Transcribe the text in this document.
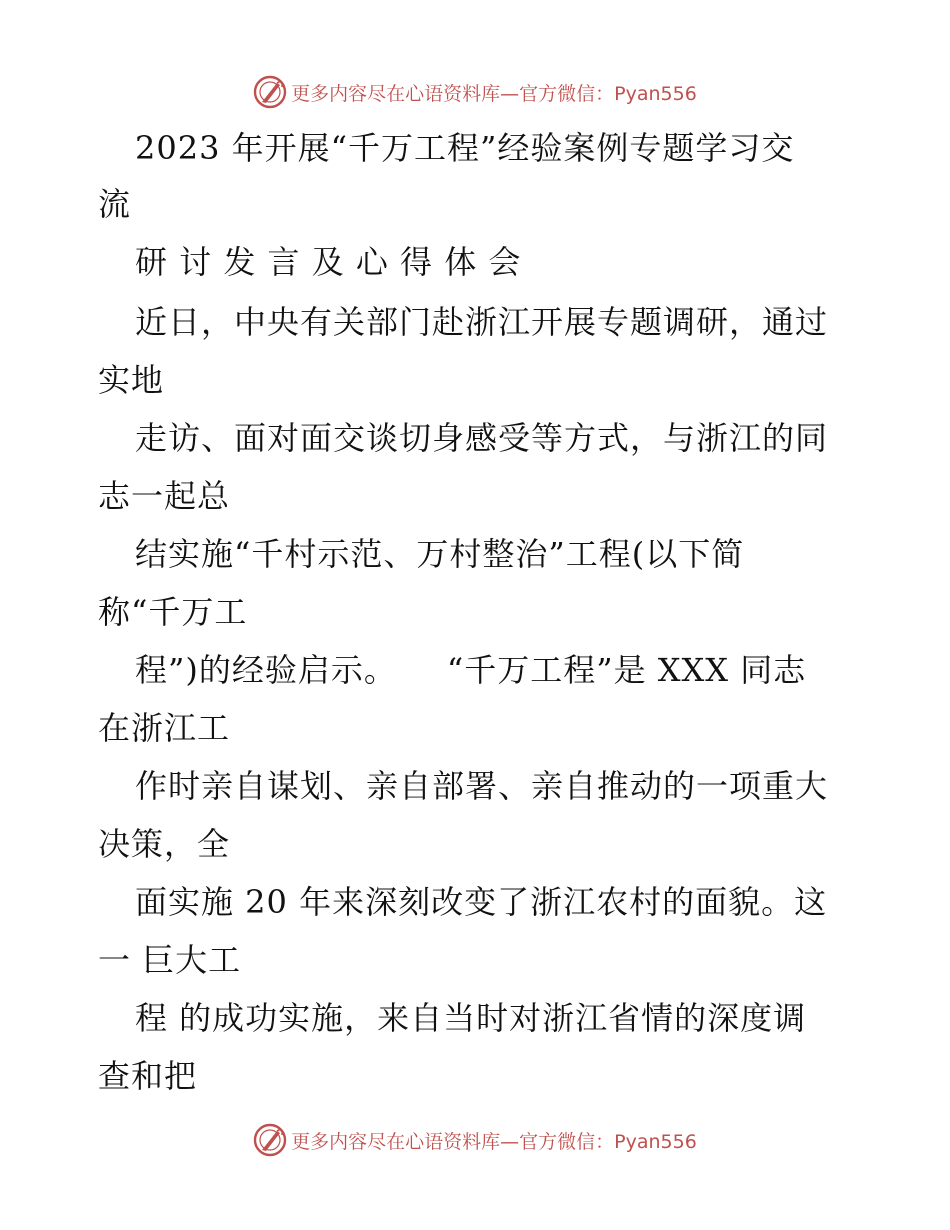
更多内容尽在心语资料库—官方微信：Pyan556
2023 年开展“千万工程”经验案例专题学习交
流
研 讨 发 言 及 心 得 体 会
近日，中央有关部门赴浙江开展专题调研，通过
实地
走访、面对面交谈切身感受等方式，与浙江的同
志一起总
结实施“千村示范、万村整治”工程(以下简
称“千万工
程”)的经验启示。　　“千万工程”是 XXX 同志
在浙江工
作时亲自谋划、亲自部署、亲自推动的一项重大
决策，全
面实施 20 年来深刻改变了浙江农村的面貌。这
一 巨大工
程 的成功实施，来自当时对浙江省情的深度调
查和把
更多内容尽在心语资料库—官方微信：Pyan556
